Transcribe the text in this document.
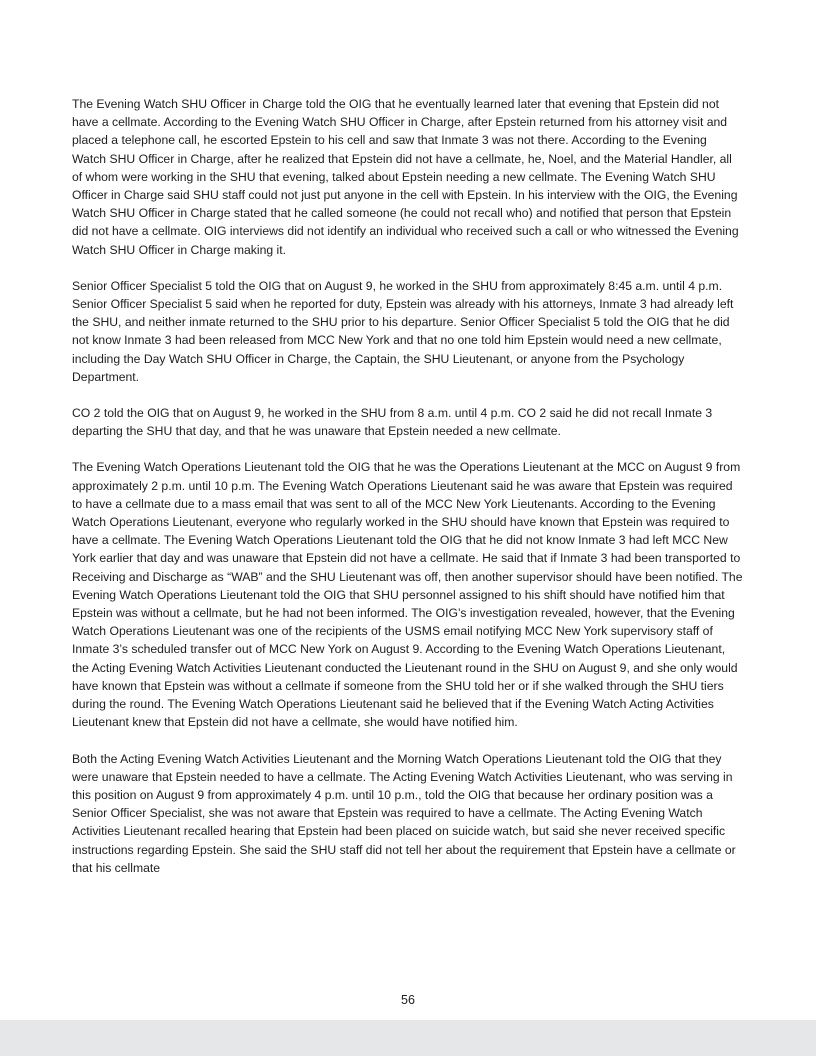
The Evening Watch SHU Officer in Charge told the OIG that he eventually learned later that evening that Epstein did not have a cellmate. According to the Evening Watch SHU Officer in Charge, after Epstein returned from his attorney visit and placed a telephone call, he escorted Epstein to his cell and saw that Inmate 3 was not there. According to the Evening Watch SHU Officer in Charge, after he realized that Epstein did not have a cellmate, he, Noel, and the Material Handler, all of whom were working in the SHU that evening, talked about Epstein needing a new cellmate. The Evening Watch SHU Officer in Charge said SHU staff could not just put anyone in the cell with Epstein. In his interview with the OIG, the Evening Watch SHU Officer in Charge stated that he called someone (he could not recall who) and notified that person that Epstein did not have a cellmate. OIG interviews did not identify an individual who received such a call or who witnessed the Evening Watch SHU Officer in Charge making it.

Senior Officer Specialist 5 told the OIG that on August 9, he worked in the SHU from approximately 8:45 a.m. until 4 p.m. Senior Officer Specialist 5 said when he reported for duty, Epstein was already with his attorneys, Inmate 3 had already left the SHU, and neither inmate returned to the SHU prior to his departure. Senior Officer Specialist 5 told the OIG that he did not know Inmate 3 had been released from MCC New York and that no one told him Epstein would need a new cellmate, including the Day Watch SHU Officer in Charge, the Captain, the SHU Lieutenant, or anyone from the Psychology Department.

CO 2 told the OIG that on August 9, he worked in the SHU from 8 a.m. until 4 p.m. CO 2 said he did not recall Inmate 3 departing the SHU that day, and that he was unaware that Epstein needed a new cellmate.

The Evening Watch Operations Lieutenant told the OIG that he was the Operations Lieutenant at the MCC on August 9 from approximately 2 p.m. until 10 p.m. The Evening Watch Operations Lieutenant said he was aware that Epstein was required to have a cellmate due to a mass email that was sent to all of the MCC New York Lieutenants. According to the Evening Watch Operations Lieutenant, everyone who regularly worked in the SHU should have known that Epstein was required to have a cellmate. The Evening Watch Operations Lieutenant told the OIG that he did not know Inmate 3 had left MCC New York earlier that day and was unaware that Epstein did not have a cellmate. He said that if Inmate 3 had been transported to Receiving and Discharge as “WAB” and the SHU Lieutenant was off, then another supervisor should have been notified. The Evening Watch Operations Lieutenant told the OIG that SHU personnel assigned to his shift should have notified him that Epstein was without a cellmate, but he had not been informed. The OIG’s investigation revealed, however, that the Evening Watch Operations Lieutenant was one of the recipients of the USMS email notifying MCC New York supervisory staff of Inmate 3’s scheduled transfer out of MCC New York on August 9. According to the Evening Watch Operations Lieutenant, the Acting Evening Watch Activities Lieutenant conducted the Lieutenant round in the SHU on August 9, and she only would have known that Epstein was without a cellmate if someone from the SHU told her or if she walked through the SHU tiers during the round. The Evening Watch Operations Lieutenant said he believed that if the Evening Watch Acting Activities Lieutenant knew that Epstein did not have a cellmate, she would have notified him.

Both the Acting Evening Watch Activities Lieutenant and the Morning Watch Operations Lieutenant told the OIG that they were unaware that Epstein needed to have a cellmate. The Acting Evening Watch Activities Lieutenant, who was serving in this position on August 9 from approximately 4 p.m. until 10 p.m., told the OIG that because her ordinary position was a Senior Officer Specialist, she was not aware that Epstein was required to have a cellmate. The Acting Evening Watch Activities Lieutenant recalled hearing that Epstein had been placed on suicide watch, but said she never received specific instructions regarding Epstein. She said the SHU staff did not tell her about the requirement that Epstein have a cellmate or that his cellmate

56
